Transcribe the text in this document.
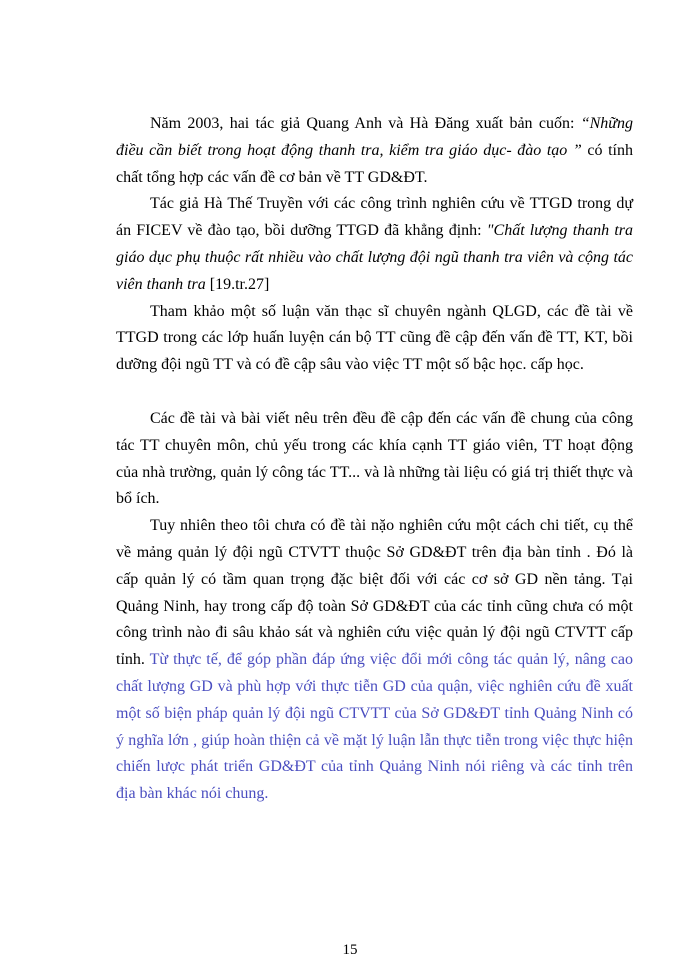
Năm 2003, hai tác giả Quang Anh và Hà Đăng xuất bản cuốn: “Những điều cần biết trong hoạt động thanh tra, kiểm tra giáo dục- đào tạo ” có tính chất tổng hợp các vấn đề cơ bản về TT GD&ĐT.

Tác giả Hà Thế Truyền với các công trình nghiên cứu về TTGD trong dự án FICEV về đào tạo, bồi dưỡng TTGD đã khẳng định: "Chất lượng thanh tra giáo dục phụ thuộc rất nhiều vào chất lượng đội ngũ thanh tra viên và cộng tác viên thanh tra [19.tr.27]

Tham khảo một số luận văn thạc sĩ chuyên ngành QLGD, các đề tài về TTGD trong các lớp huấn luyện cán bộ TT cũng đề cập đến vấn đề TT, KT, bồi dưỡng đội ngũ TT và có đề cập sâu vào việc TT một số bậc học. cấp học.

Các đề tài và bài viết nêu trên đều đề cập đến các vấn đề chung của công tác TT chuyên môn, chủ yếu trong các khía cạnh TT giáo viên, TT hoạt động của nhà trường, quản lý công tác TT... và là những tài liệu có giá trị thiết thực và bổ ích.

Tuy nhiên theo tôi chưa có đề tài nặo nghiên cứu một cách chi tiết, cụ thể về mảng quản lý đội ngũ CTVTT thuộc Sở GD&ĐT trên địa bàn tỉnh . Đó là cấp quản lý có tầm quan trọng đặc biệt đối với các cơ sở GD nền tảng. Tại Quảng Ninh, hay trong cấp độ toàn Sở GD&ĐT của các tỉnh cũng chưa có một công trình nào đi sâu khảo sát và nghiên cứu việc quản lý đội ngũ CTVTT cấp tỉnh. Từ thực tế, để góp phần đáp ứng việc đổi mới công tác quản lý, nâng cao chất lượng GD và phù hợp với thực tiễn GD của quận, việc nghiên cứu đề xuất một số biện pháp quản lý đội ngũ CTVTT của Sở GD&ĐT tỉnh Quảng Ninh có ý nghĩa lớn , giúp hoàn thiện cả về mặt lý luận lẫn thực tiễn trong việc thực hiện chiến lược phát triển GD&ĐT của tỉnh Quảng Ninh nói riêng và các tỉnh trên địa bàn khác nói chung.

15
